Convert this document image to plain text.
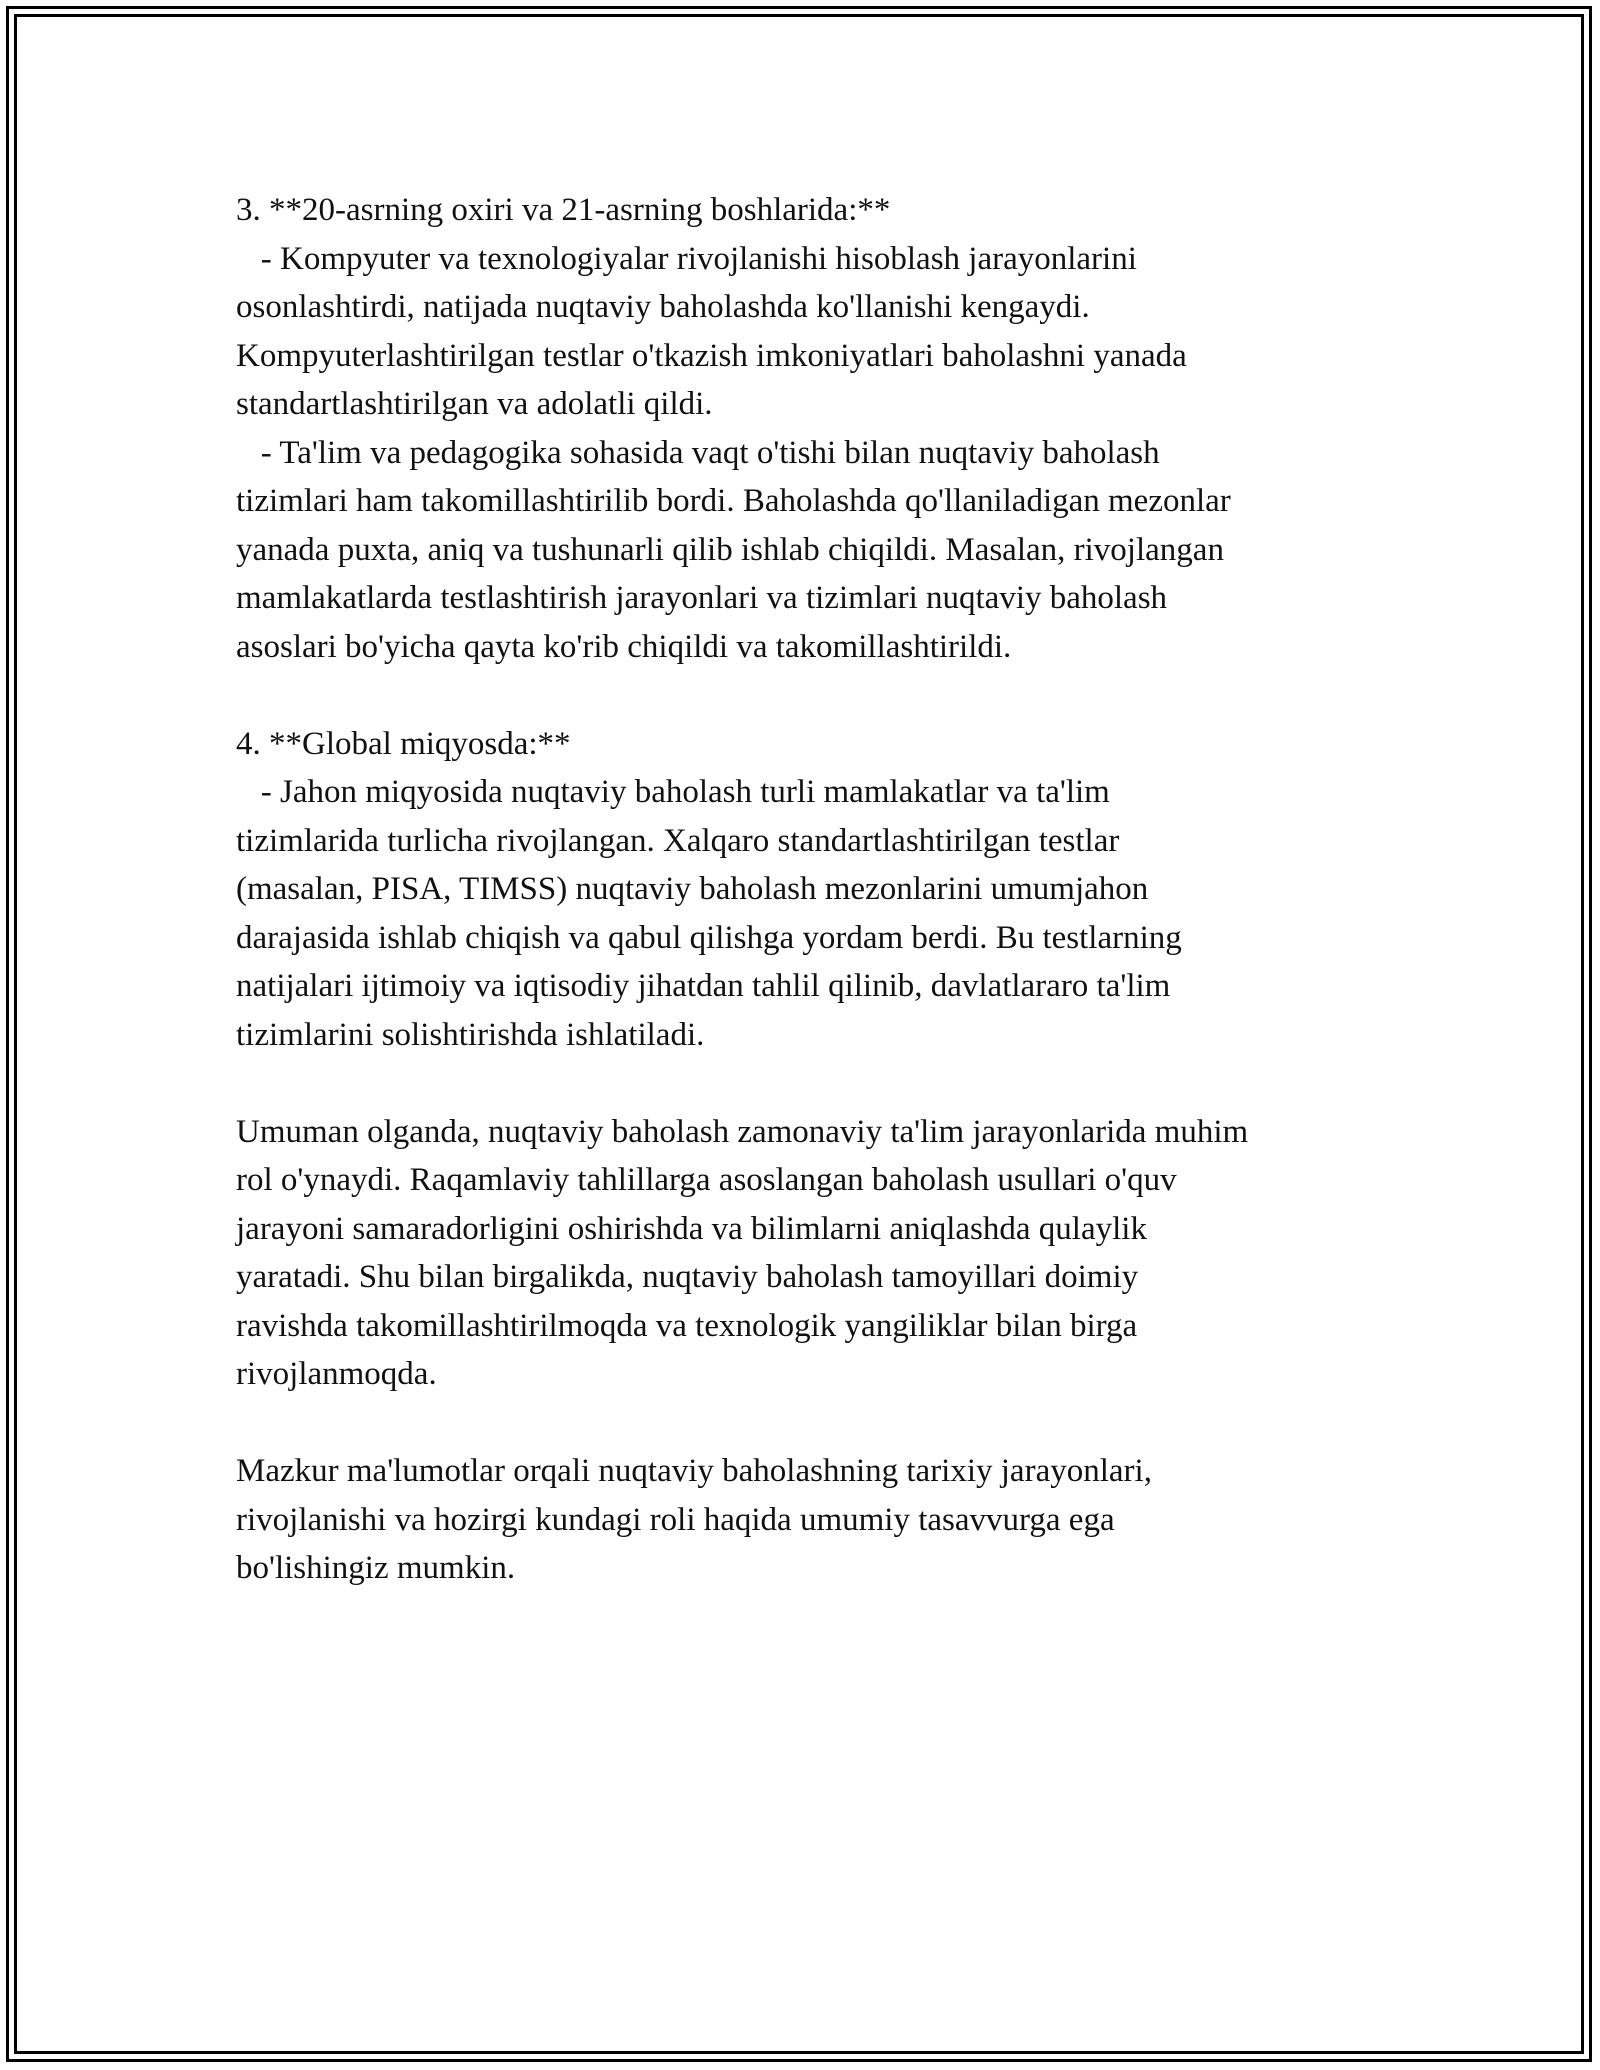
3. **20-asrning oxiri va 21-asrning boshlarida:**
- Kompyuter va texnologiyalar rivojlanishi hisoblash jarayonlarini
osonlashtirdi, natijada nuqtaviy baholashda ko'llanishi kengaydi.
Kompyuterlashtirilgan testlar o'tkazish imkoniyatlari baholashni yanada
standartlashtirilgan va adolatli qildi.
- Ta'lim va pedagogika sohasida vaqt o'tishi bilan nuqtaviy baholash
tizimlari ham takomillashtirilib bordi. Baholashda qo'llaniladigan mezonlar
yanada puxta, aniq va tushunarli qilib ishlab chiqildi. Masalan, rivojlangan
mamlakatlarda testlashtirish jarayonlari va tizimlari nuqtaviy baholash
asoslari bo'yicha qayta ko'rib chiqildi va takomillashtirildi.
4. **Global miqyosda:**
- Jahon miqyosida nuqtaviy baholash turli mamlakatlar va ta'lim
tizimlarida turlicha rivojlangan. Xalqaro standartlashtirilgan testlar
(masalan, PISA, TIMSS) nuqtaviy baholash mezonlarini umumjahon
darajasida ishlab chiqish va qabul qilishga yordam berdi. Bu testlarning
natijalari ijtimoiy va iqtisodiy jihatdan tahlil qilinib, davlatlararo ta'lim
tizimlarini solishtirishda ishlatiladi.
Umuman olganda, nuqtaviy baholash zamonaviy ta'lim jarayonlarida muhim
rol o'ynaydi. Raqamlaviy tahlillarga asoslangan baholash usullari o'quv
jarayoni samaradorligini oshirishda va bilimlarni aniqlashda qulaylik
yaratadi. Shu bilan birgalikda, nuqtaviy baholash tamoyillari doimiy
ravishda takomillashtirilmoqda va texnologik yangiliklar bilan birga
rivojlanmoqda.
Mazkur ma'lumotlar orqali nuqtaviy baholashning tarixiy jarayonlari,
rivojlanishi va hozirgi kundagi roli haqida umumiy tasavvurga ega
bo'lishingiz mumkin.
